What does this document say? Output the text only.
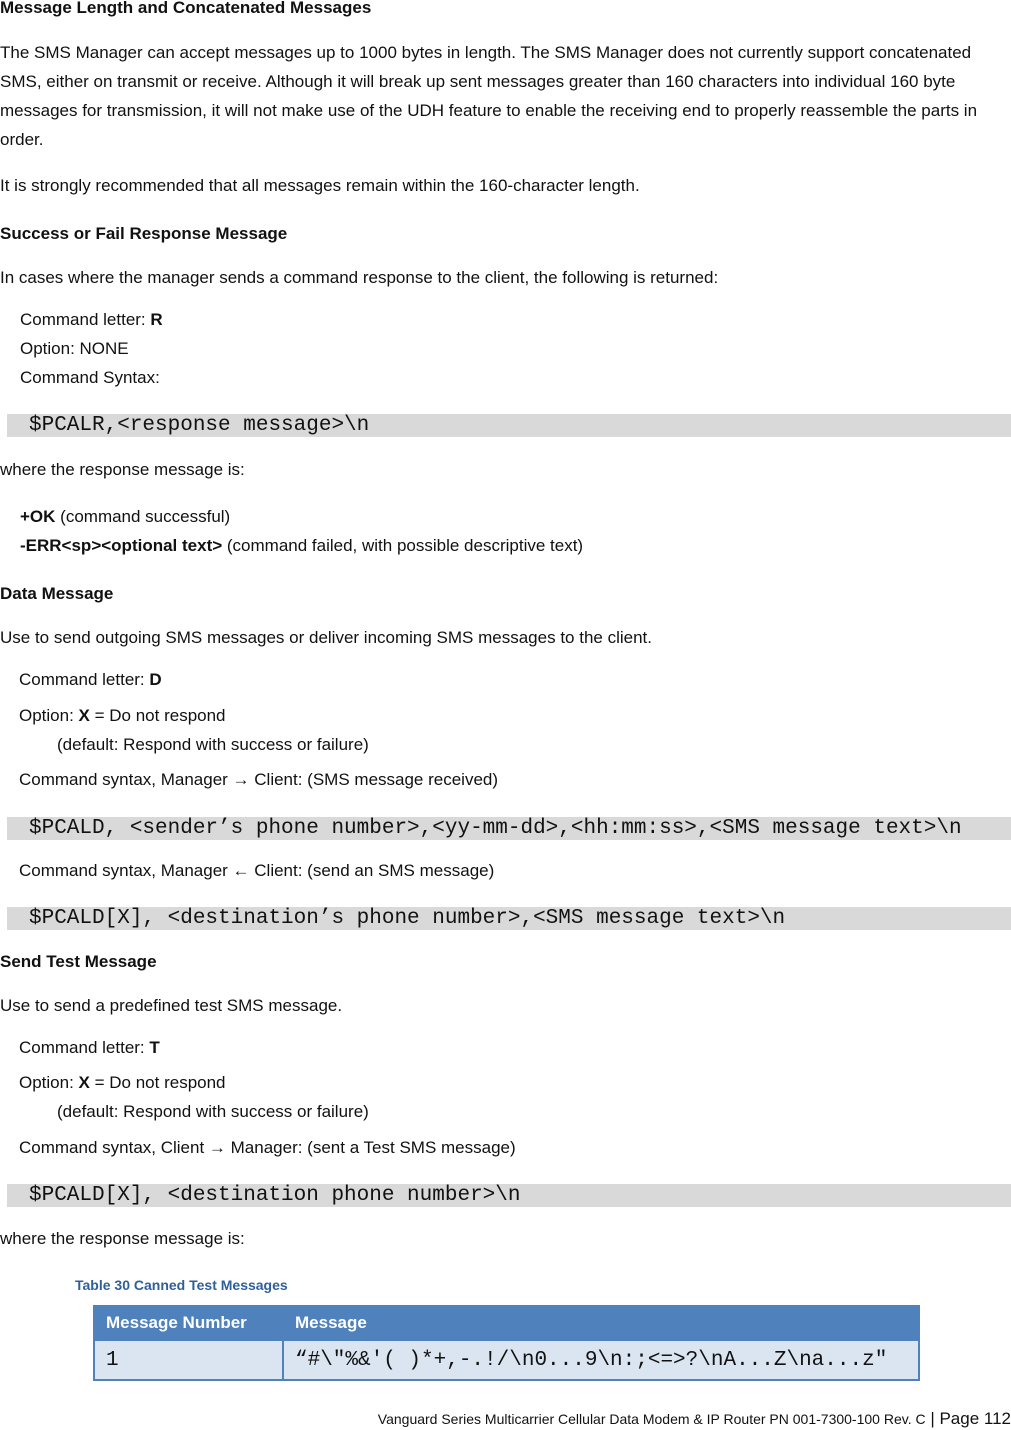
Message Length and Concatenated Messages
The SMS Manager can accept messages up to 1000 bytes in length. The SMS Manager does not currently support concatenated SMS, either on transmit or receive. Although it will break up sent messages greater than 160 characters into individual 160 byte messages for transmission, it will not make use of the UDH feature to enable the receiving end to properly reassemble the parts in order.
It is strongly recommended that all messages remain within the 160-character length.
Success or Fail Response Message
In cases where the manager sends a command response to the client, the following is returned:
Command letter: R
Option: NONE
Command Syntax:
$PCALR,<response message>\n
where the response message is:
+OK (command successful)
-ERR<sp><optional text> (command failed, with possible descriptive text)
Data Message
Use to send outgoing SMS messages or deliver incoming SMS messages to the client.
Command letter: D
Option: X = Do not respond
(default: Respond with success or failure)
Command syntax, Manager → Client: (SMS message received)
$PCALD, <sender’s phone number>,<yy-mm-dd>,<hh:mm:ss>,<SMS message text>\n
Command syntax, Manager ← Client: (send an SMS message)
$PCALD[X], <destination’s phone number>,<SMS message text>\n
Send Test Message
Use to send a predefined test SMS message.
Command letter: T
Option: X = Do not respond
(default: Respond with success or failure)
Command syntax, Client → Manager: (sent a Test SMS message)
$PCALD[X], <destination phone number>\n
where the response message is:
Table 30 Canned Test Messages
Message Number	Message
1	“#\"%&'( )*+,-.!/\n0...9\n:;<=>?\nA...Z\na...z"
Vanguard Series Multicarrier Cellular Data Modem & IP Router PN 001-7300-100 Rev. C | Page 112
